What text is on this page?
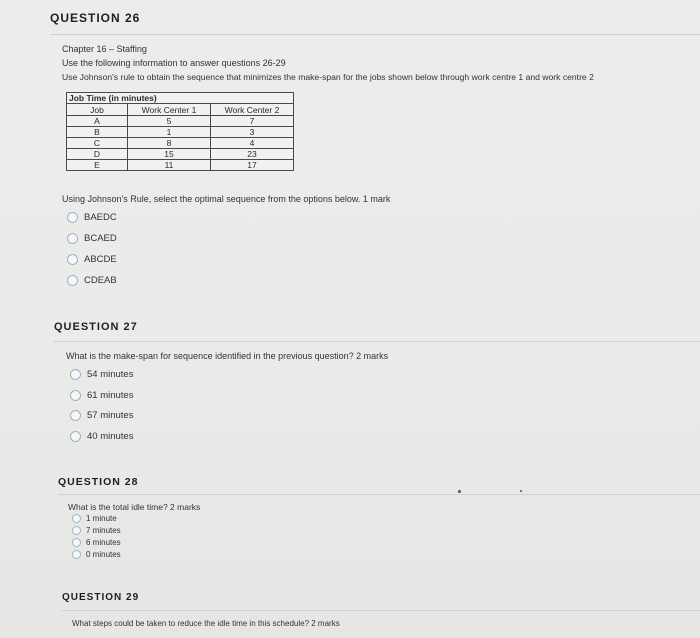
QUESTION 26
Chapter 16 – Staffing
Use the following information to answer questions 26-29
Use Johnson's rule to obtain the sequence that minimizes the make-span for the jobs shown below through work centre 1 and work centre 2
Job Time (in minutes)		
Job	Work Center 1	Work Center 2
A	5	7
B	1	3
C	8	4
D	15	23
E	11	17
Using Johnson's Rule, select the optimal sequence from the options below. 1 mark
BAEDC
BCAED
ABCDE
CDEAB
QUESTION 27
What is the make-span for sequence identified in the previous question? 2 marks
54 minutes
61 minutes
57 minutes
40 minutes
QUESTION 28
What is the total idle time? 2 marks
1 minute
7 minutes
6 minutes
0 minutes
QUESTION 29
What steps could be taken to reduce the idle time in this schedule? 2 marks
